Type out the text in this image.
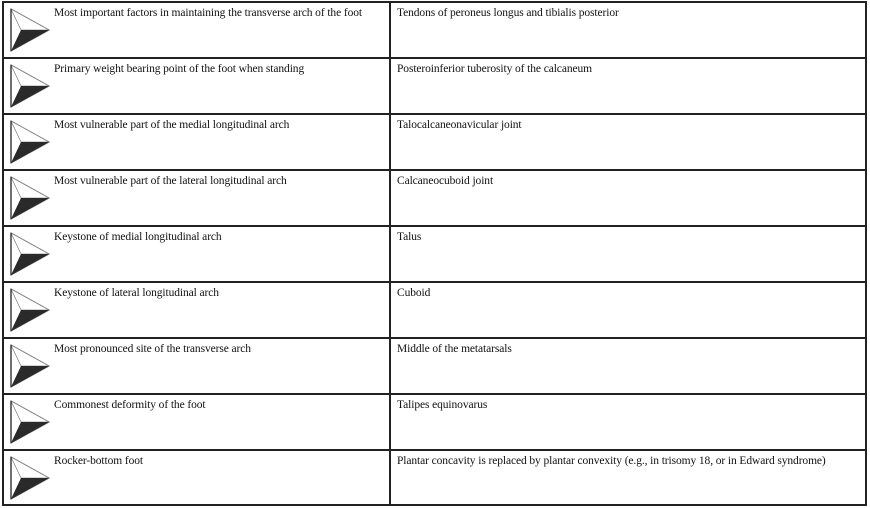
Most important factors in maintaining the transverse arch of the foot	Tendons of peroneus longus and tibialis posterior
Primary weight bearing point of the foot when standing	Posteroinferior tuberosity of the calcaneum
Most vulnerable part of the medial longitudinal arch	Talocalcaneonavicular joint
Most vulnerable part of the lateral longitudinal arch	Calcaneocuboid joint
Keystone of medial longitudinal arch	Talus
Keystone of lateral longitudinal arch	Cuboid
Most pronounced site of the transverse arch	Middle of the metatarsals
Commonest deformity of the foot	Talipes equinovarus
Rocker-bottom foot	Plantar concavity is replaced by plantar convexity (e.g., in trisomy 18, or in Edward syndrome)
